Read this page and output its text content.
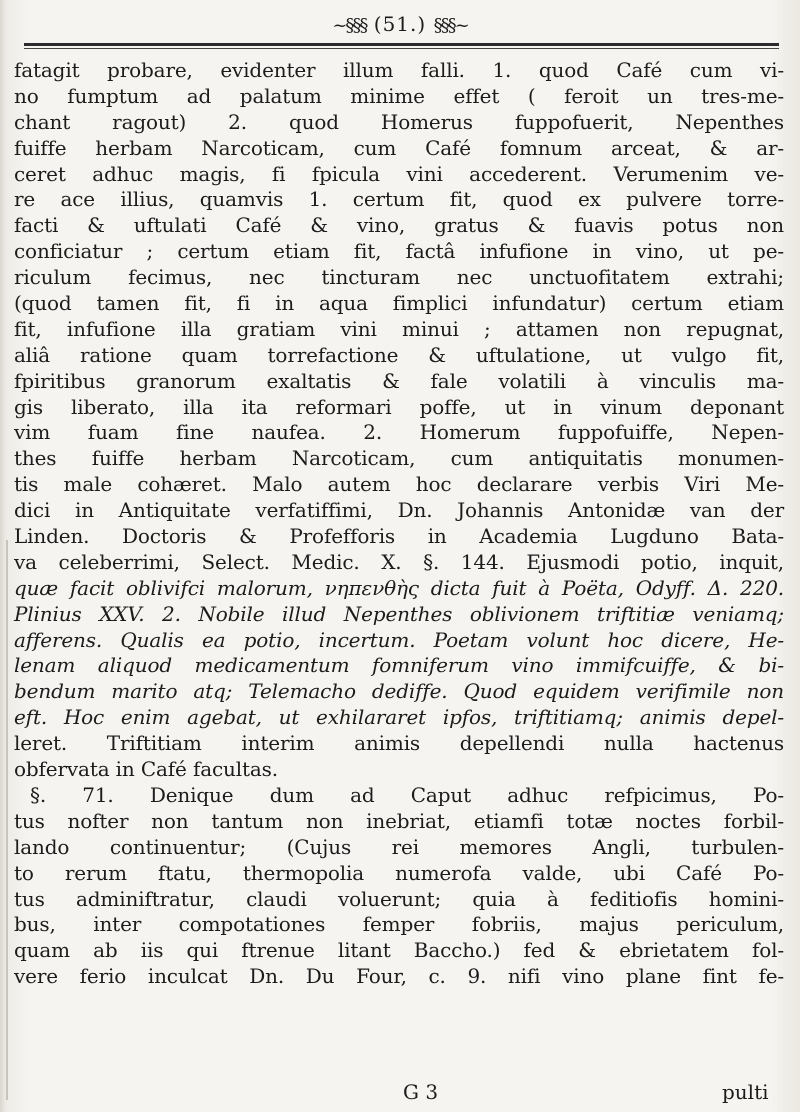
~§§§ (51.) §§§~
fatagit probare, evidenter illum falli. 1. quod Café cum vi-
no fumptum ad palatum minime effet ( feroit un tres-me-
chant ragout) 2. quod Homerus fuppofuerit, Nepenthes
fuiffe herbam Narcoticam, cum Café fomnum arceat, & ar-
ceret adhuc magis, fi fpicula vini accederent. Verumenim ve-
re ace illius, quamvis 1. certum fit, quod ex pulvere torre-
facti & uftulati Café & vino, gratus & fuavis potus non
conficiatur ; certum etiam fit, factâ infufione in vino, ut pe-
riculum fecimus, nec tincturam nec unctuofitatem extrahi;
(quod tamen fit, fi in aqua fimplici infundatur) certum etiam
fit, infufione illa gratiam vini minui ; attamen non repugnat,
aliâ ratione quam torrefactione & uftulatione, ut vulgo fit,
fpiritibus granorum exaltatis & fale volatili à vinculis ma-
gis liberato, illa ita reformari poffe, ut in vinum deponant
vim fuam fine naufea. 2. Homerum fuppofuiffe, Nepen-
thes fuiffe herbam Narcoticam, cum antiquitatis monumen-
tis male cohæret. Malo autem hoc declarare verbis Viri Me-
dici in Antiquitate verfatiffimi, Dn. Johannis Antonidæ van der
Linden. Doctoris & Profefforis in Academia Lugduno Bata-
va celeberrimi, Select. Medic. X. §. 144. Ejusmodi potio, inquit,
quæ facit oblivifci malorum, νηπενθὴς dicta fuit à Poëta, Odyff. Δ. 220.
Plinius XXV. 2. Nobile illud Nepenthes oblivionem triftitiæ veniamq;
afferens. Qualis ea potio, incertum. Poetam volunt hoc dicere, He-
lenam aliquod medicamentum fomniferum vino immifcuiffe, & bi-
bendum marito atq; Telemacho dediffe. Quod equidem verifimile non
eft. Hoc enim agebat, ut exhilararet ipfos, triftitiamq; animis depel-
leret. Triftitiam interim animis depellendi nulla hactenus
obfervata in Café facultas.
§. 71. Denique dum ad Caput adhuc refpicimus, Po-
tus nofter non tantum non inebriat, etiamfi totæ noctes forbil-
lando continuentur; (Cujus rei memores Angli, turbulen-
to rerum ftatu, thermopolia numerofa valde, ubi Café Po-
tus adminiftratur, claudi voluerunt; quia à feditiofis homini-
bus, inter compotationes femper fobriis, majus periculum,
quam ab iis qui ftrenue litant Baccho.) fed & ebrietatem fol-
vere ferio inculcat Dn. Du Four, c. 9. nifi vino plane fint fe-
G 3	pulti
